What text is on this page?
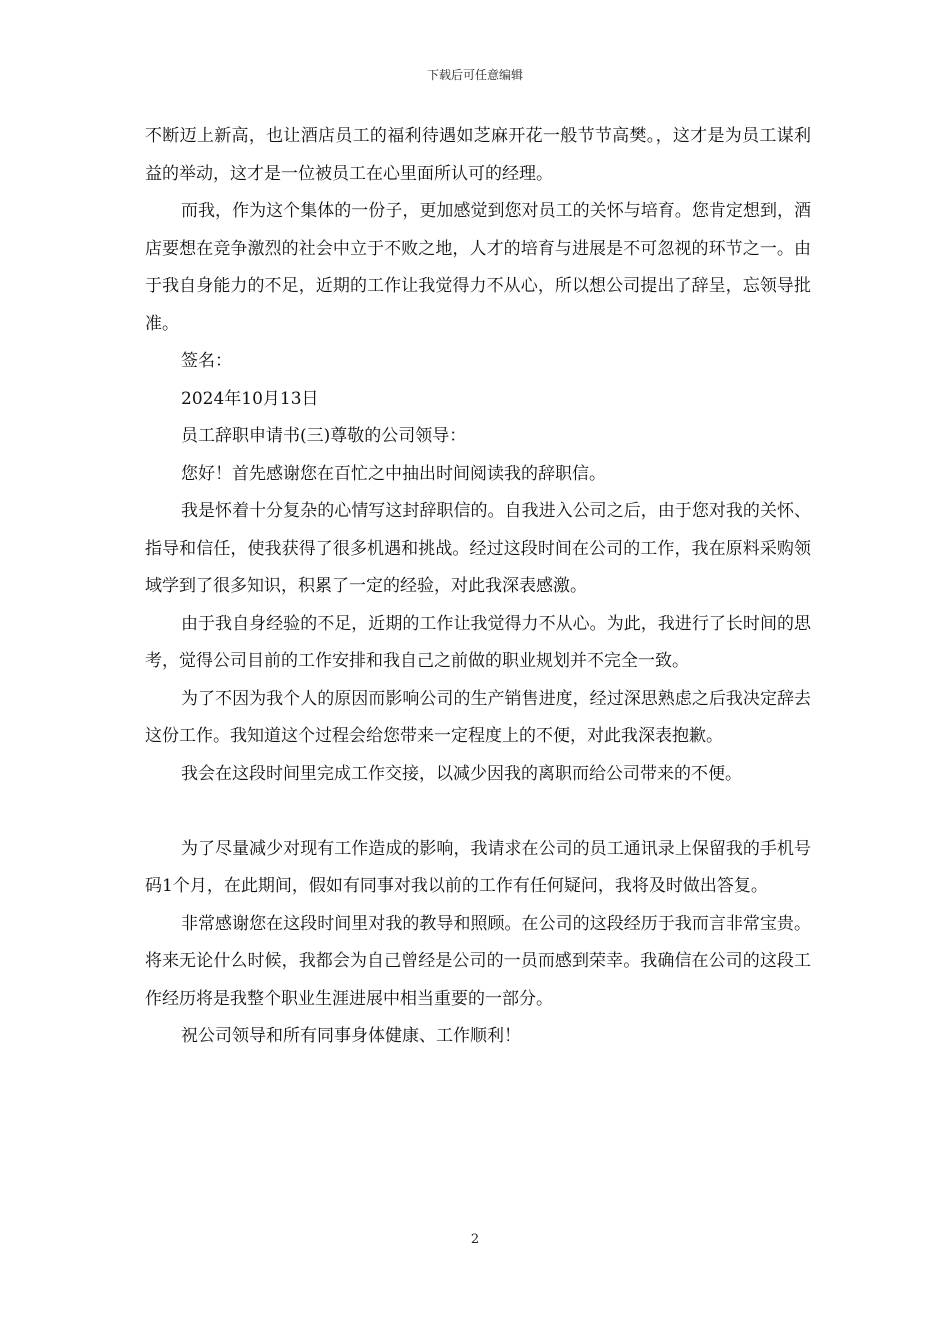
下载后可任意编辑

不断迈上新高，也让酒店员工的福利待遇如芝麻开花一般节节高樊。，这才是为员工谋利益的举动，这才是一位被员工在心里面所认可的经理。

而我，作为这个集体的一份子，更加感觉到您对员工的关怀与培育。您肯定想到，酒店要想在竞争激烈的社会中立于不败之地，人才的培育与进展是不可忽视的环节之一。由于我自身能力的不足，近期的工作让我觉得力不从心，所以想公司提出了辞呈，忘领导批准。

签名：

2024年10月13日

员工辞职申请书(三)尊敬的公司领导：

您好！首先感谢您在百忙之中抽出时间阅读我的辞职信。

我是怀着十分复杂的心情写这封辞职信的。自我进入公司之后，由于您对我的关怀、指导和信任，使我获得了很多机遇和挑战。经过这段时间在公司的工作，我在原料采购领域学到了很多知识，积累了一定的经验，对此我深表感激。

由于我自身经验的不足，近期的工作让我觉得力不从心。为此，我进行了长时间的思考，觉得公司目前的工作安排和我自己之前做的职业规划并不完全一致。

为了不因为我个人的原因而影响公司的生产销售进度，经过深思熟虑之后我决定辞去这份工作。我知道这个过程会给您带来一定程度上的不便，对此我深表抱歉。

我会在这段时间里完成工作交接，以减少因我的离职而给公司带来的不便。

为了尽量减少对现有工作造成的影响，我请求在公司的员工通讯录上保留我的手机号码1个月，在此期间，假如有同事对我以前的工作有任何疑问，我将及时做出答复。

非常感谢您在这段时间里对我的教导和照顾。在公司的这段经历于我而言非常宝贵。将来无论什么时候，我都会为自己曾经是公司的一员而感到荣幸。我确信在公司的这段工作经历将是我整个职业生涯进展中相当重要的一部分。

祝公司领导和所有同事身体健康、工作顺利！

2
